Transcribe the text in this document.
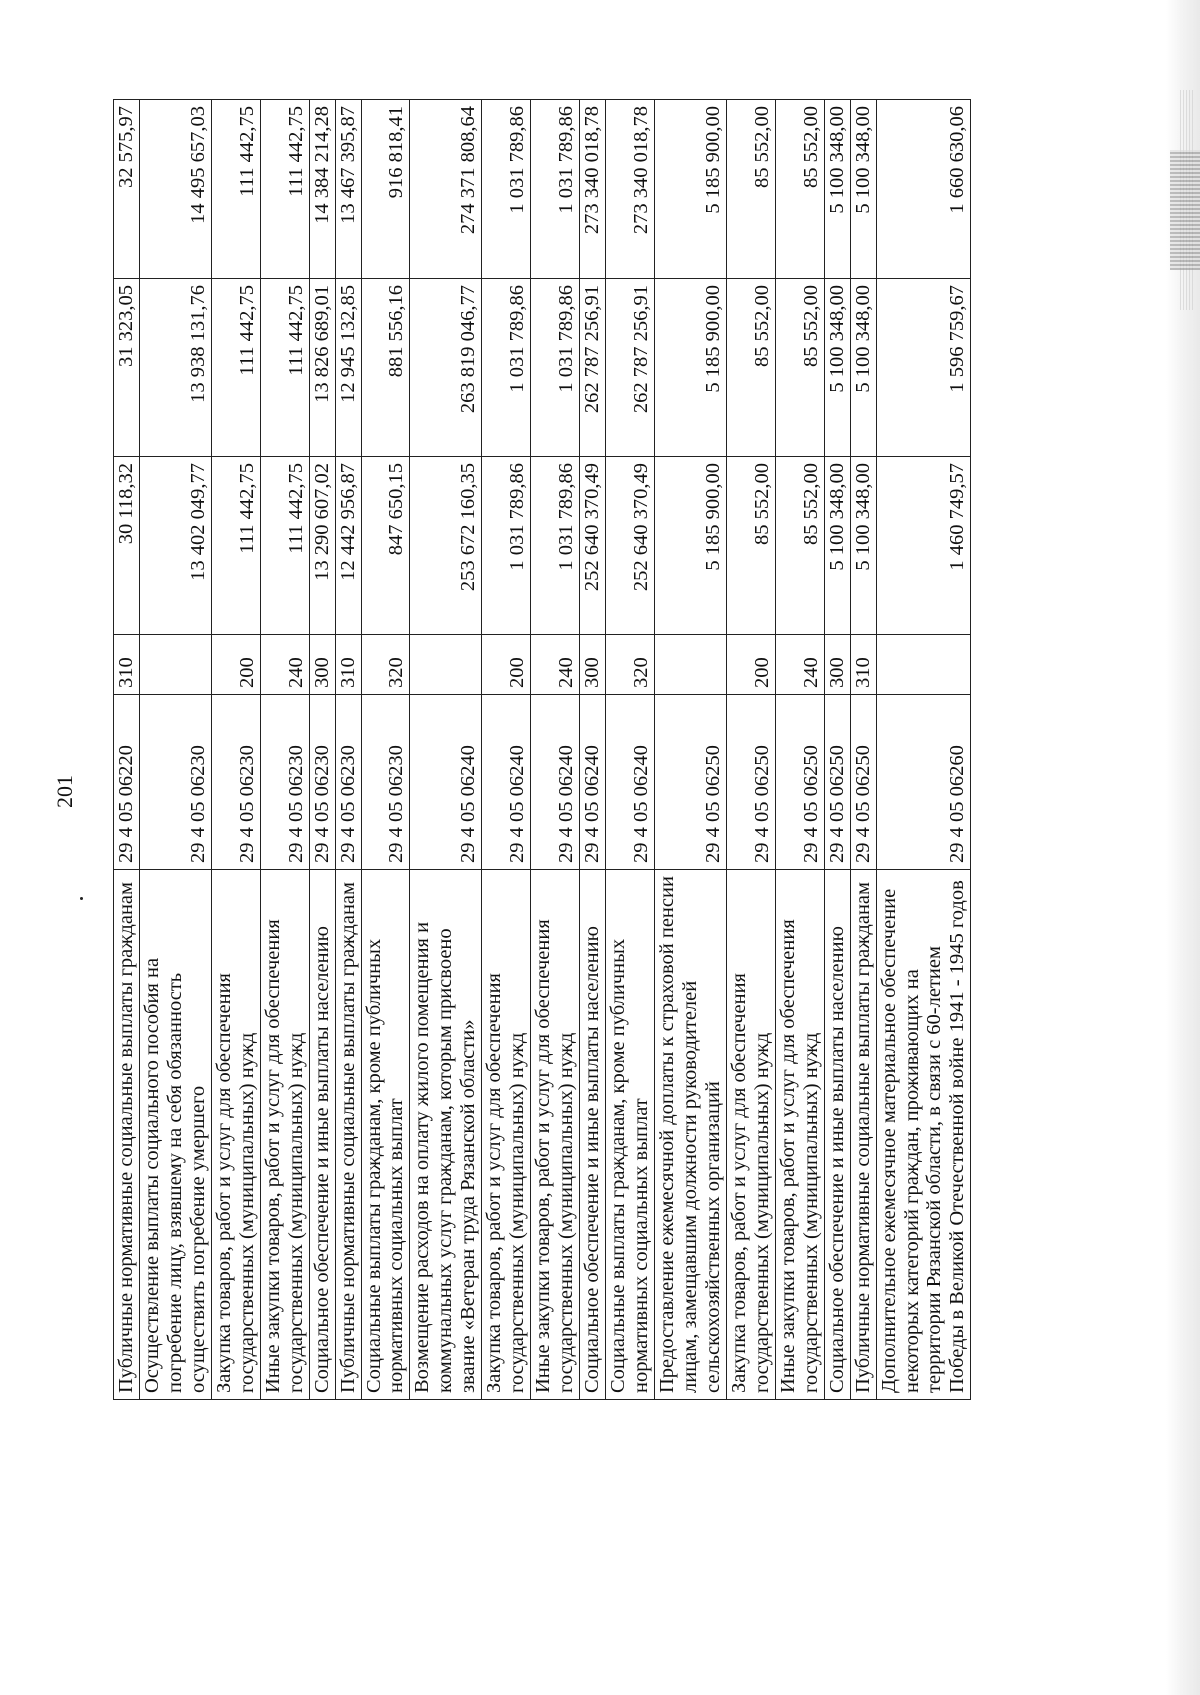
201
Публичные нормативные социальные выплаты гражданам	29 4 05 06220	310	30 118,32	31 323,05	32 575,97
Осуществление выплаты социального пособия на погребение лицу, взявшему на себя обязанность осуществить погребение умершего	29 4 05 06230		13 402 049,77	13 938 131,76	14 495 657,03
Закупка товаров, работ и услуг для обеспечения государственных (муниципальных) нужд	29 4 05 06230	200	111 442,75	111 442,75	111 442,75
Иные закупки товаров, работ и услуг для обеспечения государственных (муниципальных) нужд	29 4 05 06230	240	111 442,75	111 442,75	111 442,75
Социальное обеспечение и иные выплаты населению	29 4 05 06230	300	13 290 607,02	13 826 689,01	14 384 214,28
Публичные нормативные социальные выплаты гражданам	29 4 05 06230	310	12 442 956,87	12 945 132,85	13 467 395,87
Социальные выплаты гражданам, кроме публичных нормативных социальных выплат	29 4 05 06230	320	847 650,15	881 556,16	916 818,41
Возмещение расходов на оплату жилого помещения и коммунальных услуг гражданам, которым присвоено звание «Ветеран труда Рязанской области»	29 4 05 06240		253 672 160,35	263 819 046,77	274 371 808,64
Закупка товаров, работ и услуг для обеспечения государственных (муниципальных) нужд	29 4 05 06240	200	1 031 789,86	1 031 789,86	1 031 789,86
Иные закупки товаров, работ и услуг для обеспечения государственных (муниципальных) нужд	29 4 05 06240	240	1 031 789,86	1 031 789,86	1 031 789,86
Социальное обеспечение и иные выплаты населению	29 4 05 06240	300	252 640 370,49	262 787 256,91	273 340 018,78
Социальные выплаты гражданам, кроме публичных нормативных социальных выплат	29 4 05 06240	320	252 640 370,49	262 787 256,91	273 340 018,78
Предоставление ежемесячной доплаты к страховой пенсии лицам, замещавшим должности руководителей сельскохозяйственных организаций	29 4 05 06250		5 185 900,00	5 185 900,00	5 185 900,00
Закупка товаров, работ и услуг для обеспечения государственных (муниципальных) нужд	29 4 05 06250	200	85 552,00	85 552,00	85 552,00
Иные закупки товаров, работ и услуг для обеспечения государственных (муниципальных) нужд	29 4 05 06250	240	85 552,00	85 552,00	85 552,00
Социальное обеспечение и иные выплаты населению	29 4 05 06250	300	5 100 348,00	5 100 348,00	5 100 348,00
Публичные нормативные социальные выплаты гражданам	29 4 05 06250	310	5 100 348,00	5 100 348,00	5 100 348,00
Дополнительное ежемесячное материальное обеспечение некоторых категорий граждан, проживающих на территории Рязанской области, в связи с 60-летием Победы в Великой Отечественной войне 1941 - 1945 годов	29 4 05 06260		1 460 749,57	1 596 759,67	1 660 630,06
